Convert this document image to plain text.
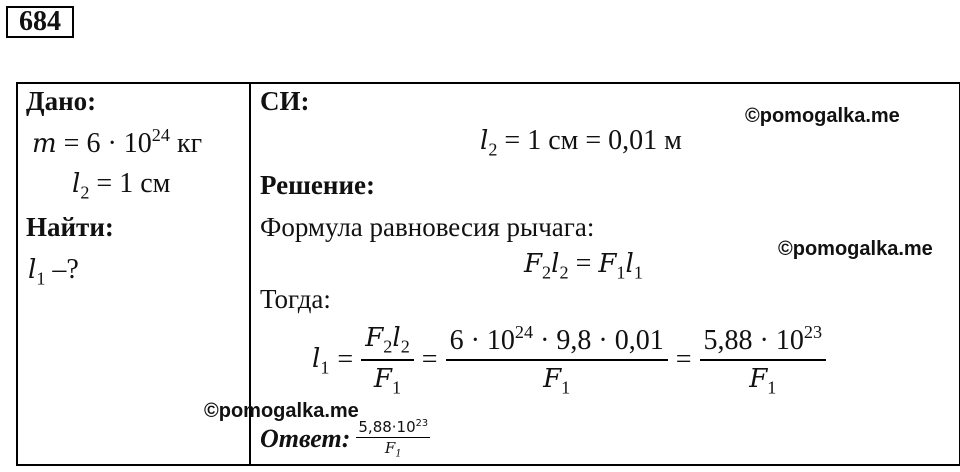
684
Дано:
$m = 6 \cdot 10^{24}$ кг
$l_2 = 1$ см
Найти:
$l_1$ –?
СИ:	©pomogalka.me
$l_2 = 1$ см = 0,01 м
Решение:
Формула равновесия рычага:
©pomogalka.me
$F_2l_2 = F_1l_1$
Тогда:
$l_1 = \frac{F_2l_2}{F_1} = \frac{6 \cdot 10^{24} \cdot 9,8 \cdot 0,01}{F_1} = \frac{5,88 \cdot 10^{23}}{F_1}$
©pomogalka.me
Ответ: $\frac{5,88\cdot 10^{23}}{F_1}$
